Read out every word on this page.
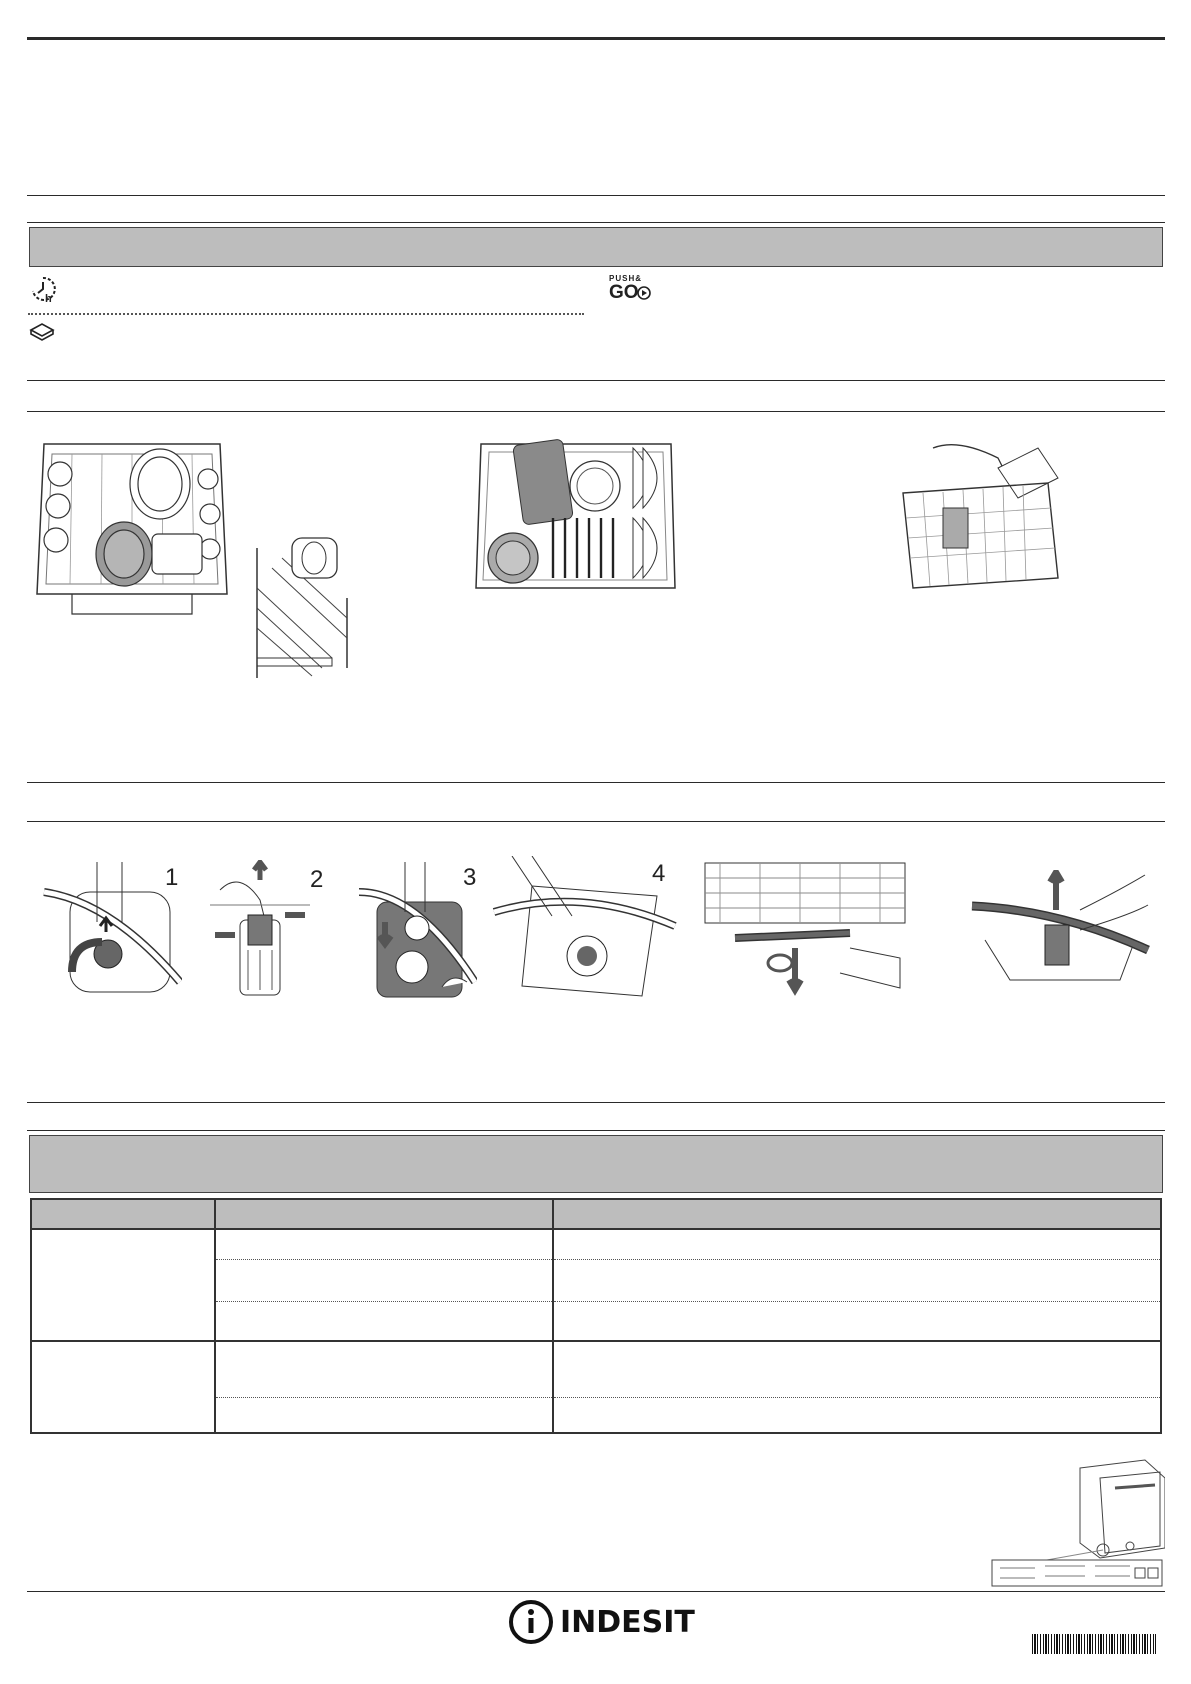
h
PUSH&
GO
1	2	3	4

INDESIT
